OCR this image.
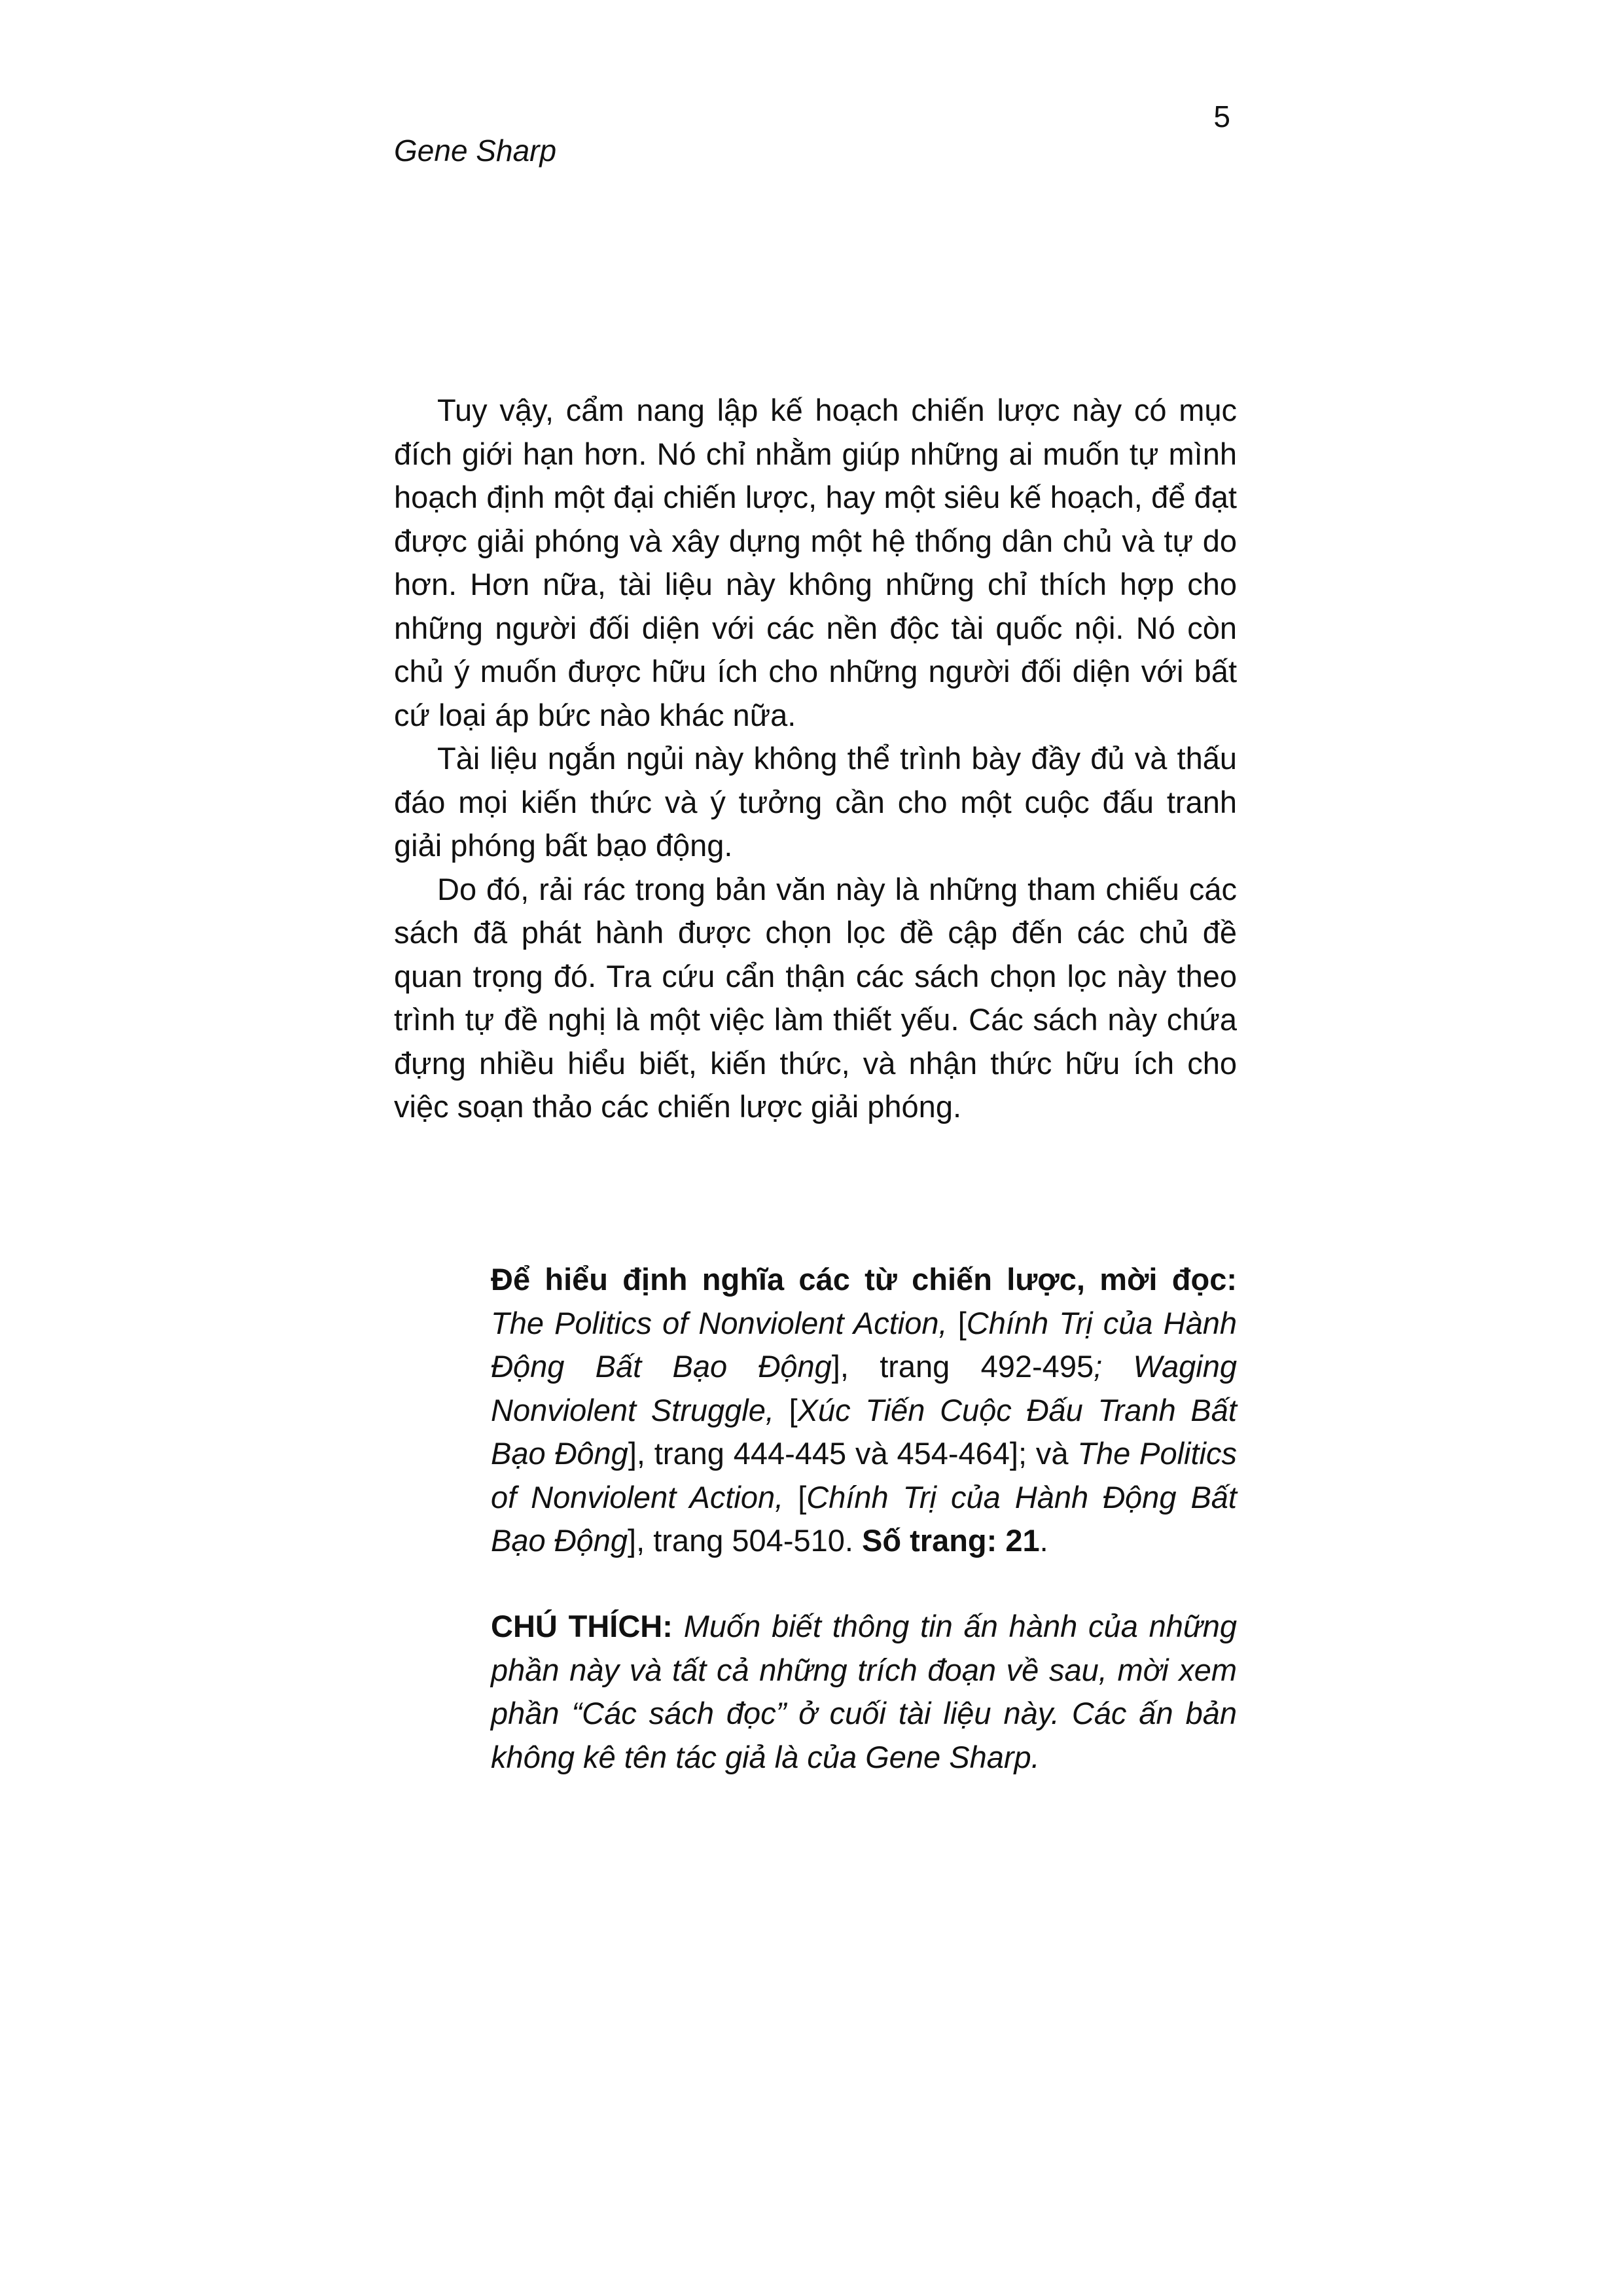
5
Gene Sharp

Tuy vậy, cẩm nang lập kế hoạch chiến lược này có mục đích giới hạn hơn. Nó chỉ nhằm giúp những ai muốn tự mình hoạch định một đại chiến lược, hay một siêu kế hoạch, để đạt được giải phóng và xây dựng một hệ thống dân chủ và tự do hơn. Hơn nữa, tài liệu này không những chỉ thích hợp cho những người đối diện với các nền độc tài quốc nội. Nó còn chủ ý muốn được hữu ích cho những người đối diện với bất cứ loại áp bức nào khác nữa.

Tài liệu ngắn ngủi này không thể trình bày đầy đủ và thấu đáo mọi kiến thức và ý tưởng cần cho một cuộc đấu tranh giải phóng bất bạo động.

Do đó, rải rác trong bản văn này là những tham chiếu các sách đã phát hành được chọn lọc đề cập đến các chủ đề quan trọng đó. Tra cứu cẩn thận các sách chọn lọc này theo trình tự đề nghị là một việc làm thiết yếu. Các sách này chứa đựng nhiều hiểu biết, kiến thức, và nhận thức hữu ích cho việc soạn thảo các chiến lược giải phóng.

Để hiểu định nghĩa các từ chiến lược, mời đọc: The Politics of Nonviolent Action, [Chính Trị của Hành Động Bất Bạo Động], trang 492-495; Waging Nonviolent Struggle, [Xúc Tiến Cuộc Đấu Tranh Bất Bạo Đông], trang 444-445 và 454-464]; và The Politics of Nonviolent Action, [Chính Trị của Hành Động Bất Bạo Động], trang 504-510. Số trang: 21.

CHÚ THÍCH: Muốn biết thông tin ấn hành của những phần này và tất cả những trích đoạn về sau, mời xem phần “Các sách đọc” ở cuối tài liệu này. Các ấn bản không kê tên tác giả là của Gene Sharp.
